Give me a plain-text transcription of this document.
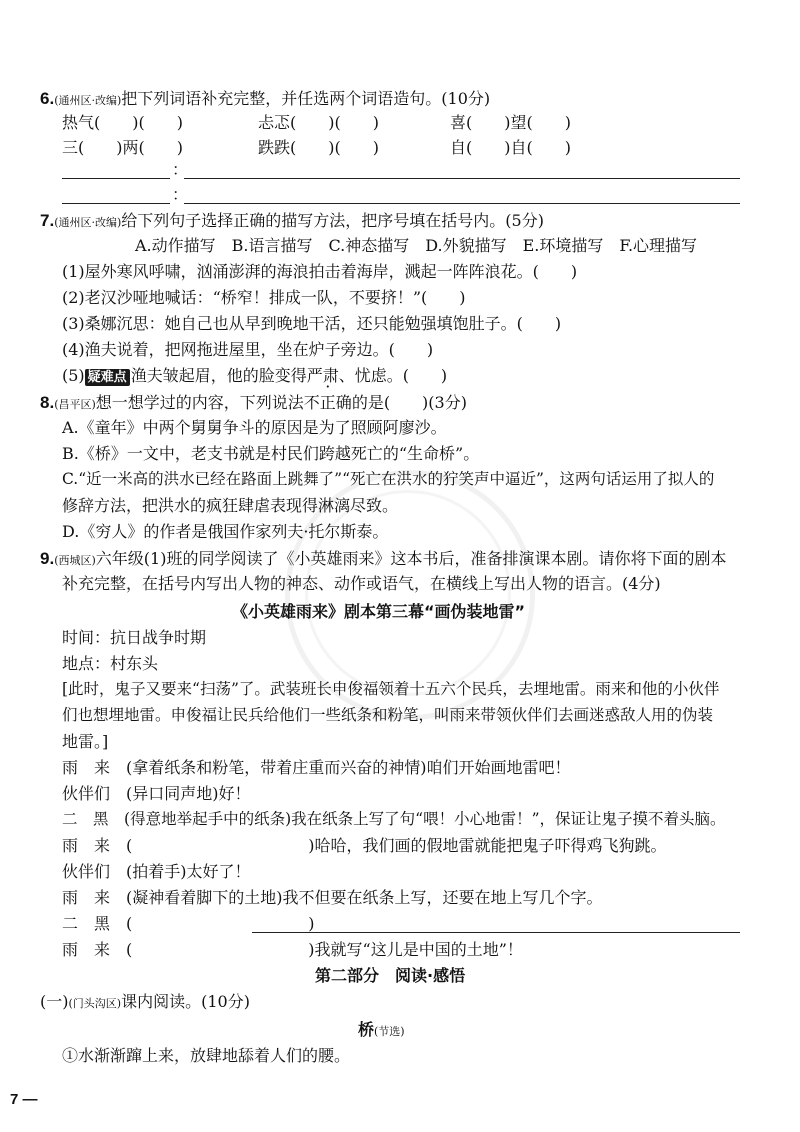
6.(通州区·改编)把下列词语补充完整，并任选两个词语造句。(10分)
热气(　　)(　　)	忐忑(　　)(　　)	喜(　　)望(　　)
三(　　)两(　　)	跌跌(　　)(　　)	自(　　)自(　　)
：
：
7.(通州区·改编)给下列句子选择正确的描写方法，把序号填在括号内。(5分)
A.动作描写　B.语言描写　C.神态描写　D.外貌描写　E.环境描写　F.心理描写
(1)屋外寒风呼啸，汹涌澎湃的海浪拍击着海岸，溅起一阵阵浪花。(　　)
(2)老汉沙哑地喊话：“桥窄！排成一队，不要挤！”(　　)
(3)桑娜沉思：她自己也从早到晚地干活，还只能勉强填饱肚子。(　　)
(4)渔夫说着，把网拖进屋里，坐在炉子旁边。(　　)
(5) 疑难点 渔夫皱起眉，他的脸变得严肃、忧虑。(　　)
8.(昌平区)想一想学过的内容，下列说法不正确的是(　　)(3分)
A.《童年》中两个舅舅争斗的原因是为了照顾阿廖沙。
B.《桥》一文中，老支书就是村民们跨越死亡的“生命桥”。
C.“近一米高的洪水已经在路面上跳舞了”“死亡在洪水的狞笑声中逼近”，这两句话运用了拟人的
修辞方法，把洪水的疯狂肆虐表现得淋漓尽致。
D.《穷人》的作者是俄国作家列夫·托尔斯泰。
9.(西城区)六年级(1)班的同学阅读了《小英雄雨来》这本书后，准备排演课本剧。请你将下面的剧本
补充完整，在括号内写出人物的神态、动作或语气，在横线上写出人物的语言。(4分)
《小英雄雨来》剧本第三幕“画伪装地雷”
时间：抗日战争时期
地点：村东头
[此时，鬼子又要来“扫荡”了。武装班长申俊福领着十五六个民兵，去埋地雷。雨来和他的小伙伴
们也想埋地雷。申俊福让民兵给他们一些纸条和粉笔，叫雨来带领伙伴们去画迷惑敌人用的伪装
地雷。]
雨　来　 (拿着纸条和粉笔，带着庄重而兴奋的神情)咱们开始画地雷吧！
伙伴们　 (异口同声地)好！
二　黑　 (得意地举起手中的纸条)我在纸条上写了句“喂！小心地雷！”，保证让鬼子摸不着头脑。
雨　来　 (　　　　　　　　　　　)哈哈，我们画的假地雷就能把鬼子吓得鸡飞狗跳。
伙伴们　 (拍着手)太好了！
雨　来　 (凝神看着脚下的土地)我不但要在纸条上写，还要在地上写几个字。
二　黑　 (　　　　　　　　　　　)
雨　来　 (　　　　　　　　　　　)我就写“这儿是中国的土地”！
第二部分　阅读·感悟
(一)(门头沟区)课内阅读。(10分)
桥(节选)
①水渐渐蹿上来，放肆地舔着人们的腰。
7 —
